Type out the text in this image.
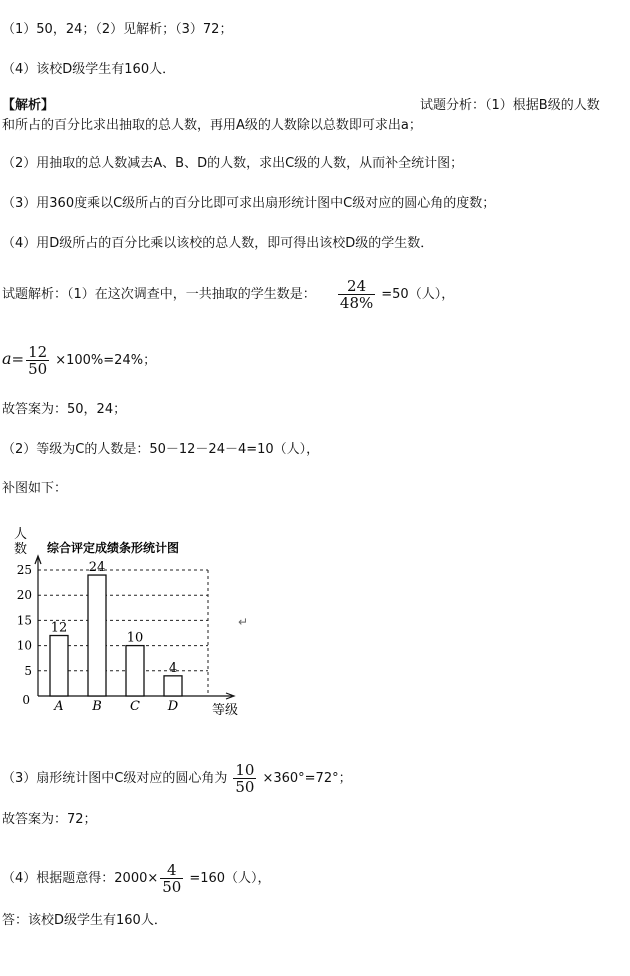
（1）50，24；（2）见解析；（3）72；
（4）该校D级学生有160人．
【解析】	试题分析：（1）根据B级的人数
和所占的百分比求出抽取的总人数，再用A级的人数除以总数即可求出a；
（2）用抽取的总人数减去A、B、D的人数，求出C级的人数，从而补全统计图；
（3）用360度乘以C级所占的百分比即可求出扇形统计图中C级对应的圆心角的度数；
（4）用D级所占的百分比乘以该校的总人数，即可得出该校D级的学生数．
试题解析：（1）在这次调查中，一共抽取的学生数是： $\frac{24}{48\%} =50$（人），
$a= \frac{12}{50} \times 100\%=24\%$；
故答案为：50，24；
（2）等级为C的人数是：50－12－24－4=10（人），
补图如下：
人
数 综合评定成绩条形统计图
0
5
10
15
20
25
12
24
10
4
A B C D	等级
↵
（3）扇形统计图中C级对应的圆心角为 $\frac{10}{50} \times 360^\circ=72^\circ$；
故答案为：72；
（4）根据题意得：$2000\times \frac{4}{50} =160$（人），
答：该校D级学生有160人．
